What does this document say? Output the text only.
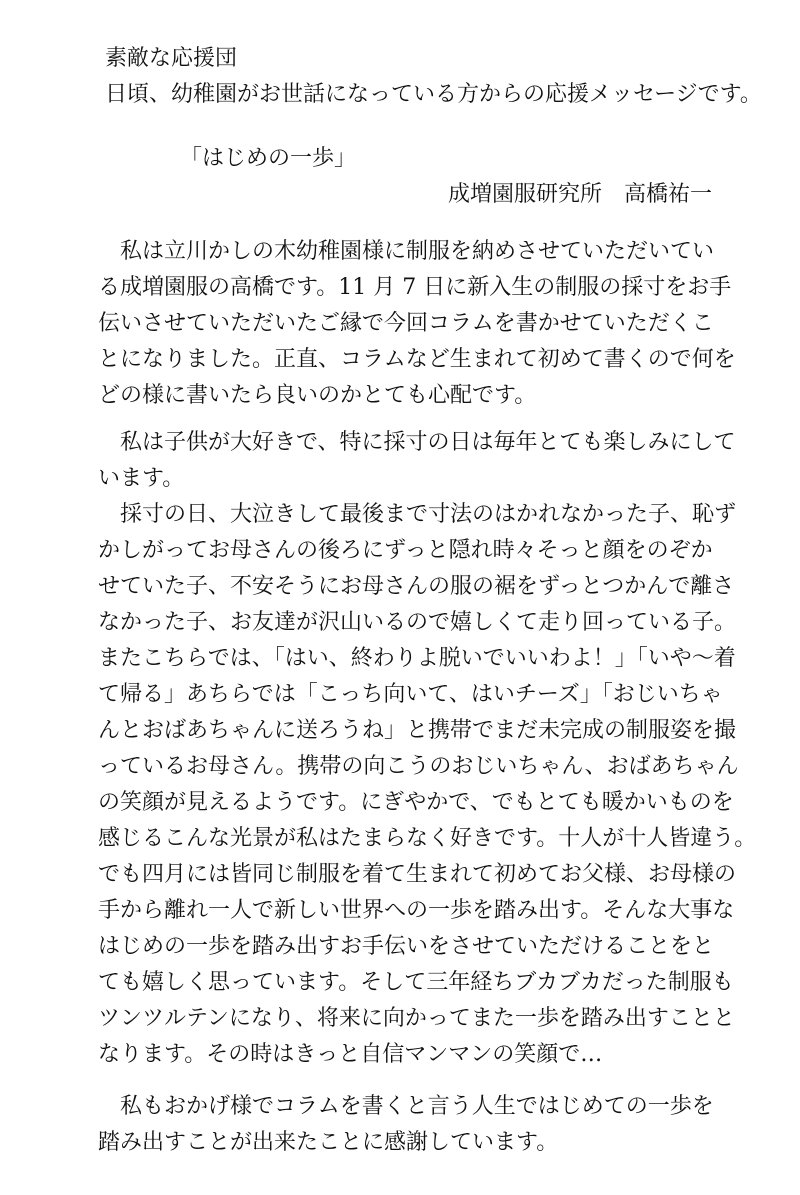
素敵な応援団
日頃、幼稚園がお世話になっている方からの応援メッセージです。
「はじめの一歩」
成増園服研究所　高橋祐一
　私は立川かしの木幼稚園様に制服を納めさせていただいてい
る成増園服の高橋です。11 月 7 日に新入生の制服の採寸をお手
伝いさせていただいたご縁で今回コラムを書かせていただくこ
とになりました。正直、コラムなど生まれて初めて書くので何を
どの様に書いたら良いのかとても心配です。
　私は子供が大好きで、特に採寸の日は毎年とても楽しみにして
います。
　採寸の日、大泣きして最後まで寸法のはかれなかった子、恥ず
かしがってお母さんの後ろにずっと隠れ時々そっと顔をのぞか
せていた子、不安そうにお母さんの服の裾をずっとつかんで離さ
なかった子、お友達が沢山いるので嬉しくて走り回っている子。
またこちらでは、「はい、終わりよ脱いでいいわよ！」「いや～着
て帰る」あちらでは「こっち向いて、はいチーズ」「おじいちゃ
んとおばあちゃんに送ろうね」と携帯でまだ未完成の制服姿を撮
っているお母さん。携帯の向こうのおじいちゃん、おばあちゃん
の笑顔が見えるようです。にぎやかで、でもとても暖かいものを
感じるこんな光景が私はたまらなく好きです。十人が十人皆違う。
でも四月には皆同じ制服を着て生まれて初めてお父様、お母様の
手から離れ一人で新しい世界への一歩を踏み出す。そんな大事な
はじめの一歩を踏み出すお手伝いをさせていただけることをと
ても嬉しく思っています。そして三年経ちブカブカだった制服も
ツンツルテンになり、将来に向かってまた一歩を踏み出すことと
なります。その時はきっと自信マンマンの笑顔で…
　私もおかげ様でコラムを書くと言う人生ではじめての一歩を
踏み出すことが出来たことに感謝しています。
